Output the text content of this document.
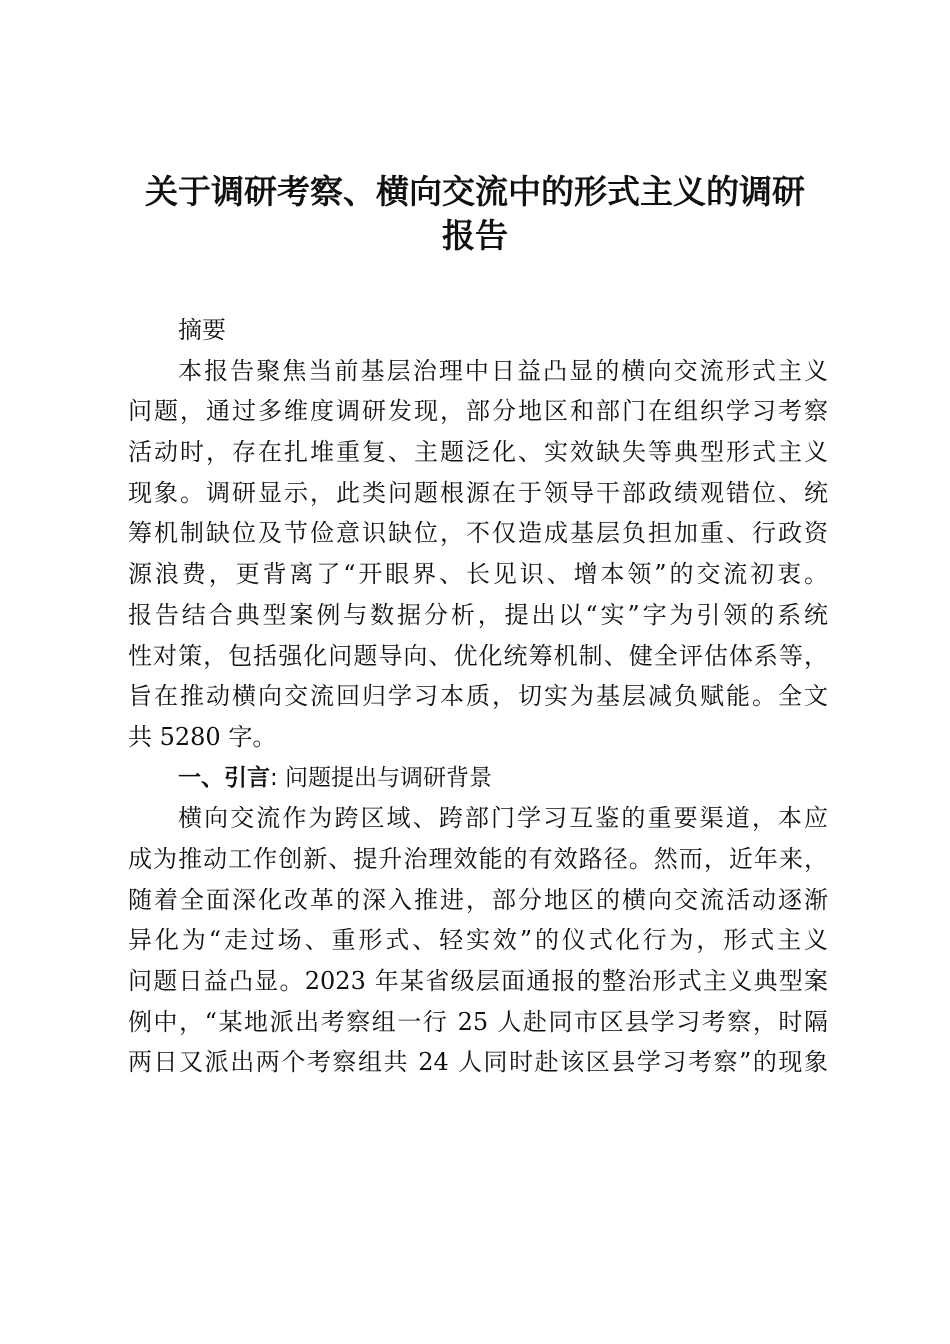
关于调研考察、横向交流中的形式主义的调研
报告
摘要
本报告聚焦当前基层治理中日益凸显的横向交流形式主义
问题，通过多维度调研发现，部分地区和部门在组织学习考察
活动时，存在扎堆重复、主题泛化、实效缺失等典型形式主义
现象。调研显示，此类问题根源在于领导干部政绩观错位、统
筹机制缺位及节俭意识缺位，不仅造成基层负担加重、行政资
源浪费，更背离了“开眼界、长见识、增本领”的交流初衷。
报告结合典型案例与数据分析，提出以“实”字为引领的系统
性对策，包括强化问题导向、优化统筹机制、健全评估体系等，
旨在推动横向交流回归学习本质，切实为基层减负赋能。全文
共 5280 字。
一、引言: 问题提出与调研背景
横向交流作为跨区域、跨部门学习互鉴的重要渠道，本应
成为推动工作创新、提升治理效能的有效路径。然而，近年来，
随着全面深化改革的深入推进，部分地区的横向交流活动逐渐
异化为“走过场、重形式、轻实效”的仪式化行为，形式主义
问题日益凸显。2023 年某省级层面通报的整治形式主义典型案
例中，“某地派出考察组一行 25 人赴同市区县学习考察，时隔
两日又派出两个考察组共 24 人同时赴该区县学习考察”的现象
